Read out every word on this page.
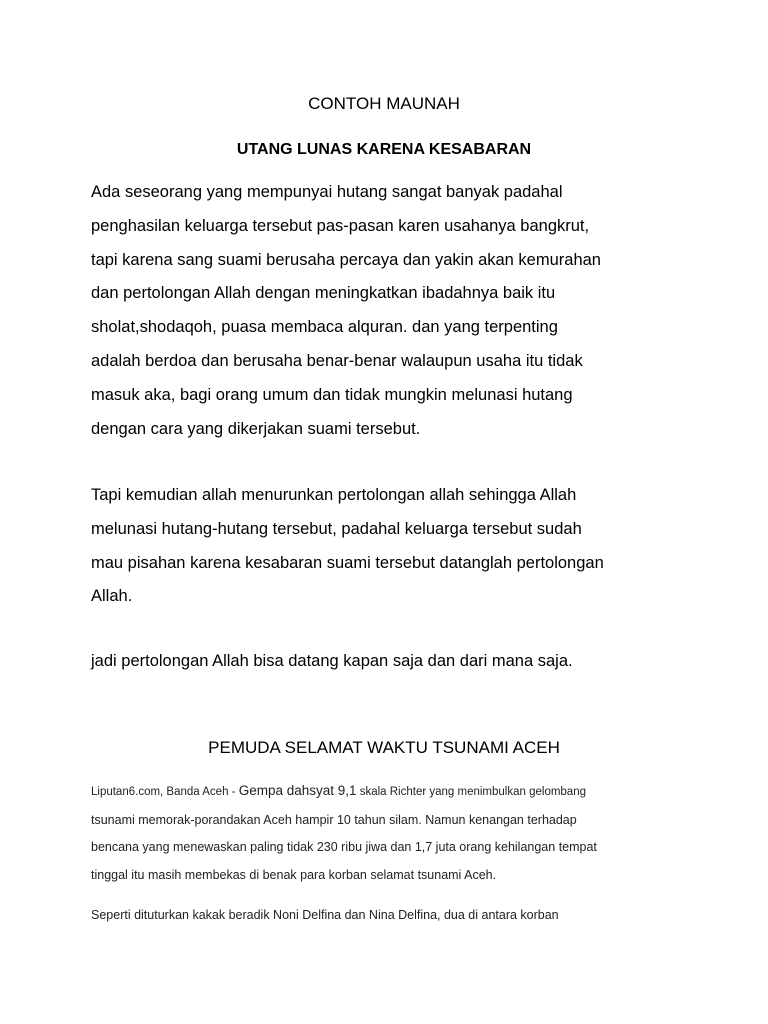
CONTOH MAUNAH
UTANG LUNAS KARENA KESABARAN

Ada seseorang yang mempunyai hutang sangat banyak padahal
penghasilan keluarga tersebut pas-pasan karen usahanya bangkrut,
tapi karena sang suami berusaha percaya dan yakin akan kemurahan
dan pertolongan Allah dengan meningkatkan ibadahnya baik itu
sholat,shodaqoh, puasa membaca alquran. dan yang terpenting
adalah berdoa dan berusaha benar-benar walaupun usaha itu tidak
masuk aka, bagi orang umum dan tidak mungkin melunasi hutang
dengan cara yang dikerjakan suami tersebut.

Tapi kemudian allah menurunkan pertolongan allah sehingga Allah
melunasi hutang-hutang tersebut, padahal keluarga tersebut sudah
mau pisahan karena kesabaran suami tersebut datanglah pertolongan
Allah.

jadi pertolongan Allah bisa datang kapan saja dan dari mana saja.

PEMUDA SELAMAT WAKTU TSUNAMI ACEH

Liputan6.com, Banda Aceh - Gempa dahsyat 9,1 skala Richter yang menimbulkan gelombang
tsunami memorak-porandakan Aceh hampir 10 tahun silam. Namun kenangan terhadap
bencana yang menewaskan paling tidak 230 ribu jiwa dan 1,7 juta orang kehilangan tempat
tinggal itu masih membekas di benak para korban selamat tsunami Aceh.

Seperti dituturkan kakak beradik Noni Delfina dan Nina Delfina, dua di antara korban
